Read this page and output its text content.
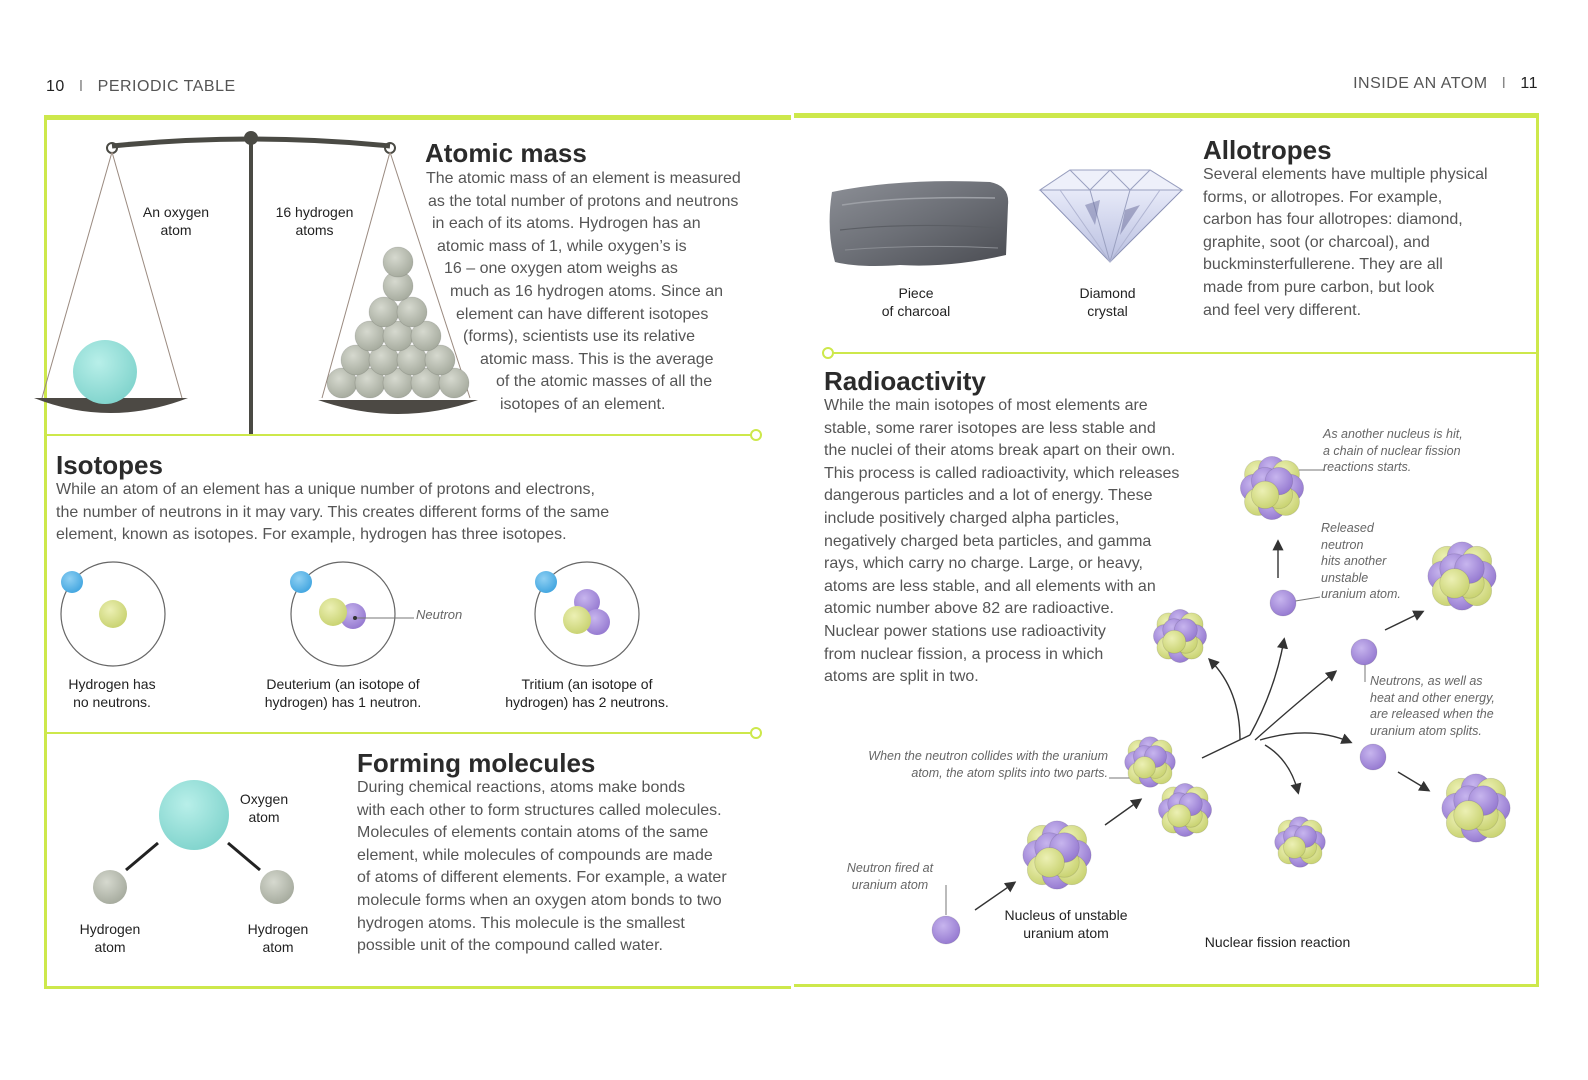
10 I PERIODIC TABLE	INSIDE AN ATOM I 11
Atomic mass
The atomic mass of an element is measured
as the total number of protons and neutrons
in each of its atoms. Hydrogen has an
atomic mass of 1, while oxygen’s is
16 – one oxygen atom weighs as
much as 16 hydrogen atoms. Since an
element can have different isotopes
(forms), scientists use its relative
atomic mass. This is the average
of the atomic masses of all the
isotopes of an element.
An oxygen
atom
16 hydrogen
atoms
Isotopes
While an atom of an element has a unique number of protons and electrons,
the number of neutrons in it may vary. This creates different forms of the same
element, known as isotopes. For example, hydrogen has three isotopes.
Neutron
Hydrogen has
no neutrons.
Deuterium (an isotope of
hydrogen) has 1 neutron.
Tritium (an isotope of
hydrogen) has 2 neutrons.
Forming molecules
During chemical reactions, atoms make bonds
with each other to form structures called molecules.
Molecules of elements contain atoms of the same
element, while molecules of compounds are made
of atoms of different elements. For example, a water
molecule forms when an oxygen atom bonds to two
hydrogen atoms. This molecule is the smallest
possible unit of the compound called water.
Oxygen
atom
Hydrogen
atom
Hydrogen
atom
Allotropes
Several elements have multiple physical
forms, or allotropes. For example,
carbon has four allotropes: diamond,
graphite, soot (or charcoal), and
buckminsterfullerene. They are all
made from pure carbon, but look
and feel very different.
Piece
of charcoal
Diamond
crystal
Radioactivity
While the main isotopes of most elements are
stable, some rarer isotopes are less stable and
the nuclei of their atoms break apart on their own.
This process is called radioactivity, which releases
dangerous particles and a lot of energy. These
include positively charged alpha particles,
negatively charged beta particles, and gamma
rays, which carry no charge. Large, or heavy,
atoms are less stable, and all elements with an
atomic number above 82 are radioactive.
Nuclear power stations use radioactivity
from nuclear fission, a process in which
atoms are split in two.
As another nucleus is hit,
a chain of nuclear fission
reactions starts.
Released
neutron
hits another
unstable
uranium atom.
Neutrons, as well as
heat and other energy,
are released when the
uranium atom splits.
When the neutron collides with the uranium
atom, the atom splits into two parts.
Neutron fired at
uranium atom
Nucleus of unstable
uranium atom
Nuclear fission reaction
